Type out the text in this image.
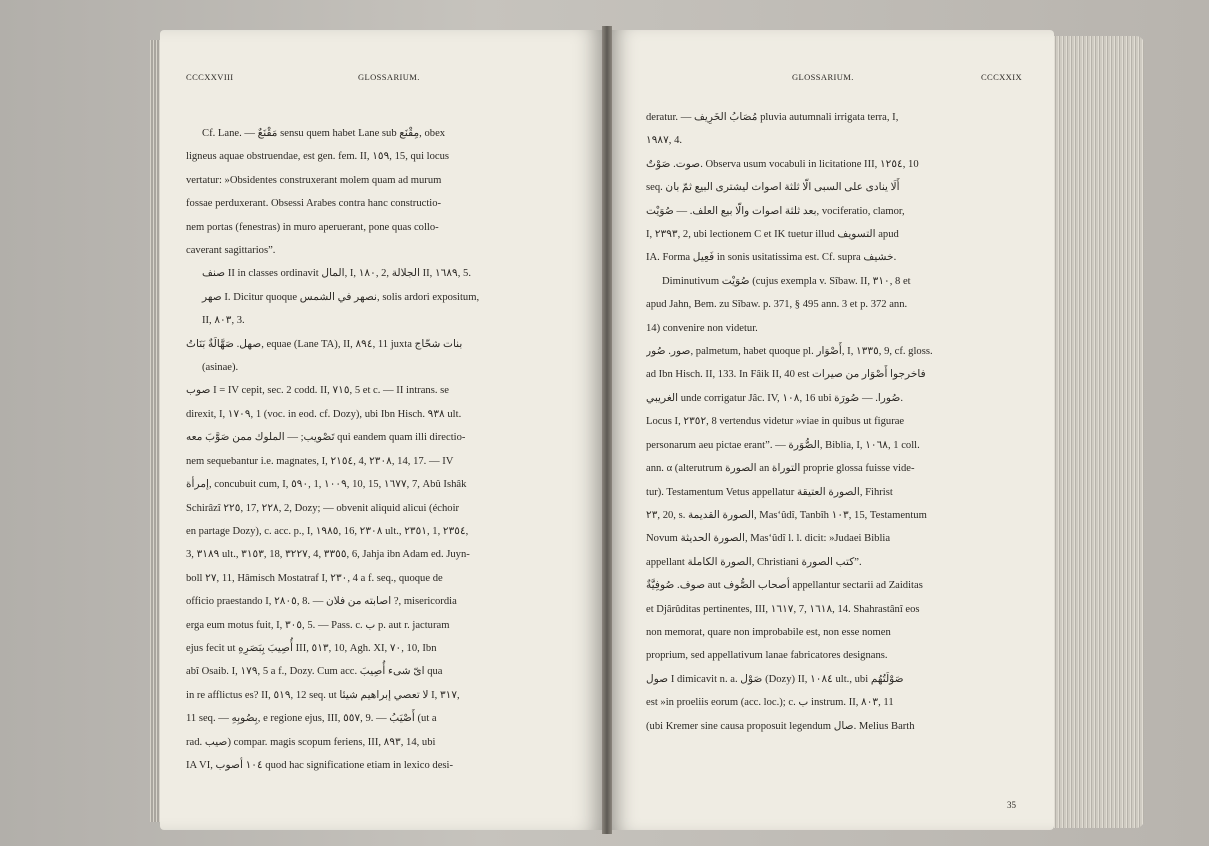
CCCXXVIII	GLOSSARIUM.
Cf. Lane. — مَقْنَعٌ sensu quem habet Lane sub مِقْنَع, obex
ligneus aquae obstruendae, est gen. fem. II, ١٥٩, 15, qui locus
vertatur: »Obsidentes construxerant molem quam ad murum
fossae perduxerant. Obsessi Arabes contra hanc constructio-
nem portas (fenestras) in muro aperuerant, pone quas collo-
caverant sagittarios”.
صنف II in classes ordinavit المال, I, ١٨٠, 2, الجلالة II, ١٦٨٩, 5.
صهر I. Dicitur quoque نصهر في الشمس, solis ardori expositum,
II, ٨٠٣, 3.
صهل. صَهَّالَةٌ بَنَاتُ, equae (Lane TA), II, ٨٩٤, 11 juxta بنات شحّاج
(asinae).
صوب I = IV cepit, sec. 2 codd. II, ٧١٥, 5 et c. — II intrans. se
direxit, I, ١٧٠٩, 1 (voc. in eod. cf. Dozy), ubi Ibn Hisch. ٩٣٨ ult.
تَصْويب; — الملوك ممن صَوَّبَ معه qui eandem quam illi directio-
nem sequebantur i.e. magnates, I, ٢١٥٤, 4, ٢٣٠٨, 14, 17. — IV
إمرأة, concubuit cum, I, ٥٩٠, 1, ١٠٠٩, 10, 15, ١٦٧٧, 7, Abû Ishâk
Schirâzî ٢٢٥, 17, ٢٢٨, 2, Dozy; — obvenit aliquid alicui (échoir
en partage Dozy), c. acc. p., I, ١٩٨٥, 16, ٢٣٠٨ ult., ٢٣٥١, 1, ٢٣٥٤,
3, ٣١٨٩ ult., ٣١٥٣, 18, ٣٢٢٧, 4, ٣٣٥٥, 6, Jahja ibn Adam ed. Juyn-
boll ٢٧, 11, Hâmisch Mostatraf I, ٢٣٠, 4 a f. seq., quoque de
officio praestando I, ٢٨٠٥, 8. — اصابته من فلان ?, misericordia
erga eum motus fuit, I, ٣٠٥, 5. — Pass. c. ب p. aut r. jacturam
ejus fecit ut أُصِيبَ بِبَصَرِهِ III, ٥١٣, 10, Agh. XI, ٧٠, 10, Ibn
abî Osaib. I, ١٧٩, 5 a f., Dozy. Cum acc. اىّ شىء أُصِيبَ qua
in re afflictus es? II, ٥١٩, 12 seq. ut لا تعصي إبراهيم شيئا I, ٣١٧,
11 seq. — بِصُوبِهِ, e regione ejus, III, ٥٥٧, 9. — أَصْيَبُ (ut a
rad. صيب) compar. magis scopum feriens, III, ٨٩٣, 14, ubi
IA VI, ١٠٤ أصوب quod hac significatione etiam in lexico desi-
GLOSSARIUM.	CCCXXIX
deratur. — مُصَابُ الخَرِيف pluvia autumnali irrigata terra, I,
١٩٨٧, 4.
صوت. صَوْتٌ. Observa usum vocabuli in licitatione III, ١٢٥٤, 10
seq. أَلَا ينادى على السبى الّا ثلثة اصوات ليشترى البيع ثمّ بان
بعد ثلثة اصوات والّا بيع العلف. — صُوَيْت, vociferatio, clamor,
I, ٢٣٩٣, 2, ubi lectionem C et IK tuetur illud التسويف apud
IA. Forma فَعِيل in sonis usitatissima est. Cf. supra خشيف.
Diminutivum صُوَيْت (cujus exempla v. Sîbaw. II, ٣١٠, 8 et
apud Jahn, Bem. zu Sîbaw. p. 371, § 495 ann. 3 et p. 372 ann.
14) convenire non videtur.
صور. صُور, palmetum, habet quoque pl. أَصْوَار, I, ١٣٣٥, 9, cf. gloss.
ad Ibn Hisch. II, 133. In Fâik II, 40 est فاخرجوا أَصْوَار من صيرات
الغريبي unde corrigatur Jâc. IV, ١٠٨, 16 ubi صُورا. — صُورَة.
Locus I, ٢٣٥٢, 8 vertendus videtur »viae in quibus ut figurae
personarum aeu pictae erant”. — الصُّوَرة, Biblia, I, ١٠٦٨, 1 coll.
ann. α (alterutrum الصورة an التوراة proprie glossa fuisse vide-
tur). Testamentum Vetus appellatur الصورة العتيقة, Fihrist
٢٣, 20, s. الصورة القديمة, Mas‘ûdî, Tanbîh ١٠٣, 15, Testamentum
Novum الصورة الحديثة, Mas‘ûdî l. l. dicit: »Judaei Biblia
appellant الصورة الكاملة, Christiani كتب الصورة”.
صوف. صُوفِيَّةٌ aut أصحاب الصُّوف appellantur sectarii ad Zaiditas
et Djârûditas pertinentes, III, ١٦١٧, 7, ١٦١٨, 14. Shahrastânî eos
non memorat, quare non improbabile est, non esse nomen
proprium, sed appellativum lanae fabricatores designans.
صول I dimicavit n. a. صَوْل (Dozy) II, ١٠٨٤ ult., ubi صَوْلَتُهُم
est »in proeliis eorum (acc. loc.); c. ب instrum. II, ٨٠٣, 11
(ubi Kremer sine causa proposuit legendum صال. Melius Barth
35
